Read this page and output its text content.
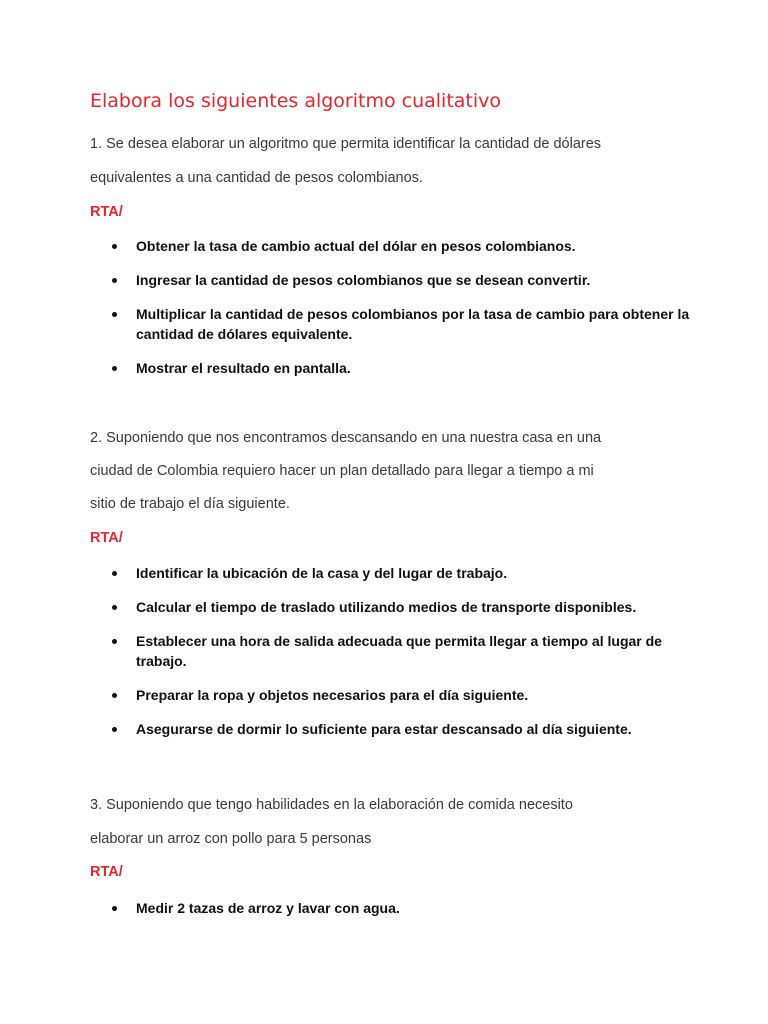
Elabora los siguientes algoritmo cualitativo

1. Se desea elaborar un algoritmo que permita identificar la cantidad de dólares

equivalentes a una cantidad de pesos colombianos.

RTA/

Obtener la tasa de cambio actual del dólar en pesos colombianos.
Ingresar la cantidad de pesos colombianos que se desean convertir.
Multiplicar la cantidad de pesos colombianos por la tasa de cambio para obtener la cantidad de dólares equivalente.
Mostrar el resultado en pantalla.

2. Suponiendo que nos encontramos descansando en una nuestra casa en una

ciudad de Colombia requiero hacer un plan detallado para llegar a tiempo a mi

sitio de trabajo el día siguiente.

RTA/

Identificar la ubicación de la casa y del lugar de trabajo.
Calcular el tiempo de traslado utilizando medios de transporte disponibles.
Establecer una hora de salida adecuada que permita llegar a tiempo al lugar de trabajo.
Preparar la ropa y objetos necesarios para el día siguiente.
Asegurarse de dormir lo suficiente para estar descansado al día siguiente.

3. Suponiendo que tengo habilidades en la elaboración de comida necesito

elaborar un arroz con pollo para 5 personas

RTA/

Medir 2 tazas de arroz y lavar con agua.
